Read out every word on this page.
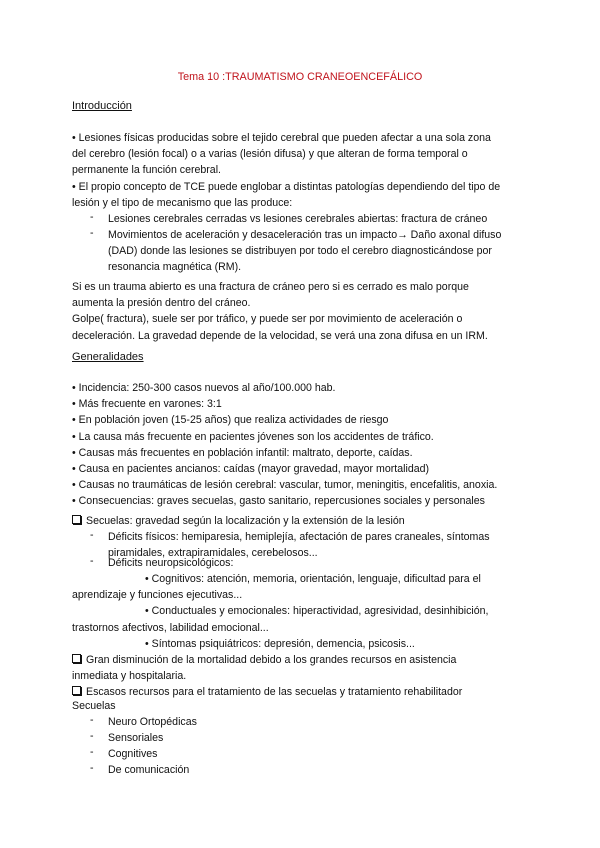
Tema 10 :TRAUMATISMO CRANEOENCEFÁLICO
Introducción
• Lesiones físicas producidas sobre el tejido cerebral que pueden afectar a una sola zona
del cerebro (lesión focal) o a varias (lesión difusa) y que alteran de forma temporal o
permanente la función cerebral.
• El propio concepto de TCE puede englobar a distintas patologías dependiendo del tipo de
lesión y el tipo de mecanismo que las produce:
- Lesiones cerebrales cerradas vs lesiones cerebrales abiertas: fractura de cráneo
- Movimientos de aceleración y desaceleración tras un impacto→ Daño axonal difuso
(DAD) donde las lesiones se distribuyen por todo el cerebro diagnosticándose por
resonancia magnética (RM).
Si es un trauma abierto es una fractura de cráneo pero si es cerrado es malo porque
aumenta la presión dentro del cráneo.
Golpe( fractura), suele ser por tráfico, y puede ser por movimiento de aceleración o
deceleración. La gravedad depende de la velocidad, se verá una zona difusa en un IRM.
Generalidades
• Incidencia: 250-300 casos nuevos al año/100.000 hab.
• Más frecuente en varones: 3:1
• En población joven (15-25 años) que realiza actividades de riesgo
• La causa más frecuente en pacientes jóvenes son los accidentes de tráfico.
• Causas más frecuentes en población infantil: maltrato, deporte, caídas.
• Causa en pacientes ancianos: caídas (mayor gravedad, mayor mortalidad)
• Causas no traumáticas de lesión cerebral: vascular, tumor, meningitis, encefalitis, anoxia.
• Consecuencias: graves secuelas, gasto sanitario, repercusiones sociales y personales
Secuelas: gravedad según la localización y la extensión de la lesión
- Déficits físicos: hemiparesia, hemiplejía, afectación de pares craneales, síntomas
piramidales, extrapiramidales, cerebelosos...
- Déficits neuropsicológicos:
• Cognitivos: atención, memoria, orientación, lenguaje, dificultad para el
aprendizaje y funciones ejecutivas...
• Conductuales y emocionales: hiperactividad, agresividad, desinhibición,
trastornos afectivos, labilidad emocional...
• Síntomas psiquiátricos: depresión, demencia, psicosis...
Gran disminución de la mortalidad debido a los grandes recursos en asistencia
inmediata y hospitalaria.
Escasos recursos para el tratamiento de las secuelas y tratamiento rehabilitador
Secuelas
- Neuro Ortopédicas
- Sensoriales
- Cognitives
- De comunicación
